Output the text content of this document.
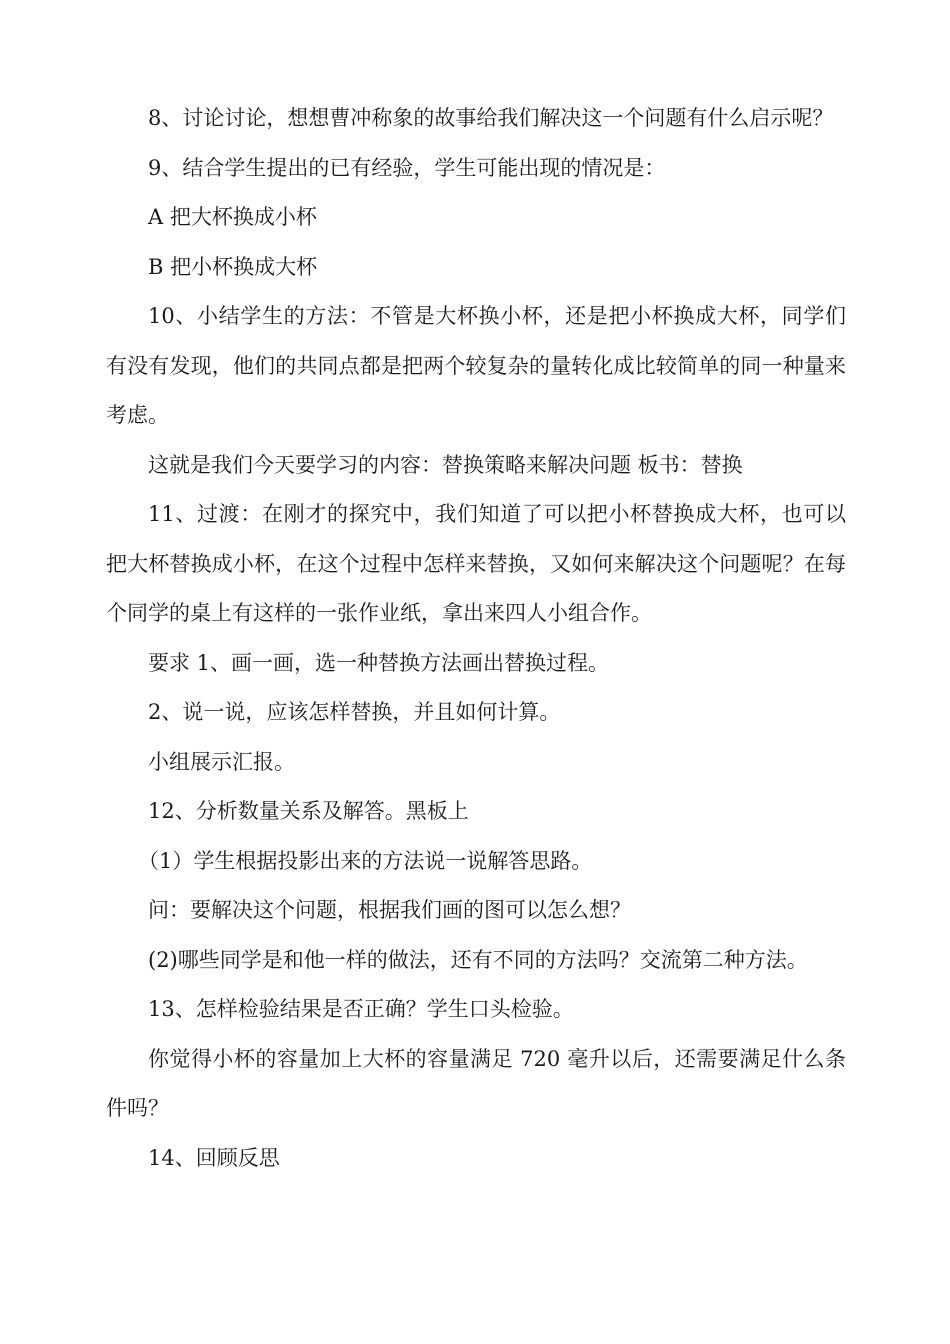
8、讨论讨论，想想曹冲称象的故事给我们解决这一个问题有什么启示呢？

9、结合学生提出的已有经验，学生可能出现的情况是：

A 把大杯换成小杯

B 把小杯换成大杯

10、小结学生的方法：不管是大杯换小杯，还是把小杯换成大杯，同学们有没有发现，他们的共同点都是把两个较复杂的量转化成比较简单的同一种量来考虑。

这就是我们今天要学习的内容：替换策略来解决问题 板书：替换

11、过渡：在刚才的探究中，我们知道了可以把小杯替换成大杯，也可以把大杯替换成小杯，在这个过程中怎样来替换，又如何来解决这个问题呢？在每个同学的桌上有这样的一张作业纸，拿出来四人小组合作。

要求 1、画一画，选一种替换方法画出替换过程。

2、说一说，应该怎样替换，并且如何计算。

小组展示汇报。

12、分析数量关系及解答。黑板上

（1）学生根据投影出来的方法说一说解答思路。

问：要解决这个问题，根据我们画的图可以怎么想？

(2)哪些同学是和他一样的做法，还有不同的方法吗？交流第二种方法。

13、怎样检验结果是否正确？学生口头检验。

你觉得小杯的容量加上大杯的容量满足 720 毫升以后，还需要满足什么条件吗？

14、回顾反思
